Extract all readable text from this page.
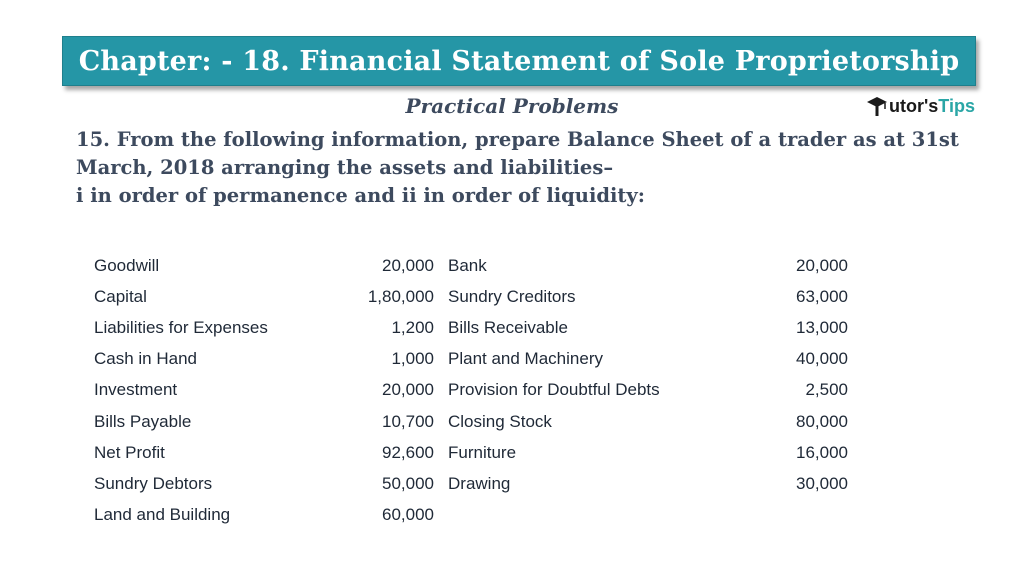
Chapter: - 18. Financial Statement of Sole Proprietorship
Practical Problems	utor's Tips
15. From the following information, prepare Balance Sheet of a trader as at 31st
March, 2018 arranging the assets and liabilities–
i in order of permanence and ii in order of liquidity:
Goodwill	20,000 Bank	20,000
Capital	1,80,000 Sundry Creditors	63,000
Liabilities for Expenses	1,200 Bills Receivable	13,000
Cash in Hand	1,000 Plant and Machinery	40,000
Investment	20,000 Provision for Doubtful Debts	2,500
Bills Payable	10,700 Closing Stock	80,000
Net Profit	92,600 Furniture	16,000
Sundry Debtors	50,000 Drawing	30,000
Land and Building	60,000
